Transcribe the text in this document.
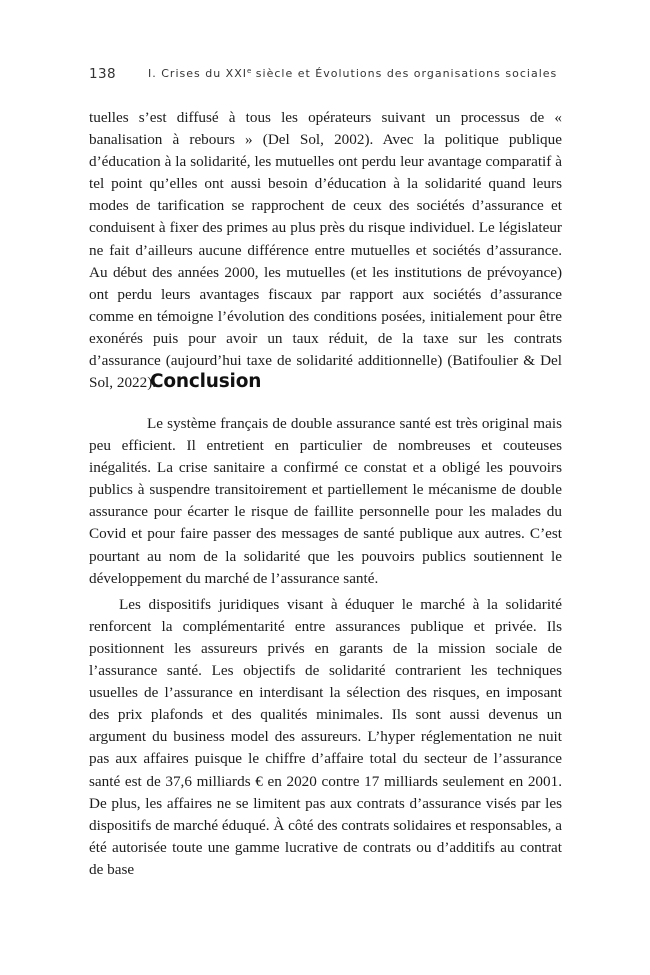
138	I. Crises du XXIe siècle et Évolutions des organisations sociales

tuelles s’est diffusé à tous les opérateurs suivant un processus de « banalisation à rebours » (Del Sol, 2002). Avec la politique publique d’éducation à la solidarité, les mutuelles ont perdu leur avantage comparatif à tel point qu’elles ont aussi besoin d’éducation à la solidarité quand leurs modes de tarification se rapprochent de ceux des sociétés d’assurance et conduisent à fixer des primes au plus près du risque individuel. Le législateur ne fait d’ailleurs aucune différence entre mutuelles et sociétés d’assurance. Au début des années 2000, les mutuelles (et les institutions de prévoyance) ont perdu leurs avantages fiscaux par rapport aux sociétés d’assurance comme en témoigne l’évolution des conditions posées, initialement pour être exonérés puis pour avoir un taux réduit, de la taxe sur les contrats d’assurance (aujourd’hui taxe de solidarité additionnelle) (Batifoulier & Del Sol, 2022).

Conclusion

Le système français de double assurance santé est très original mais peu efficient. Il entretient en particulier de nombreuses et couteuses inégalités. La crise sanitaire a confirmé ce constat et a obligé les pouvoirs publics à suspendre transitoirement et partiellement le mécanisme de double assurance pour écarter le risque de faillite personnelle pour les malades du Covid et pour faire passer des messages de santé publique aux autres. C’est pourtant au nom de la solidarité que les pouvoirs publics soutiennent le développement du marché de l’assurance santé.

Les dispositifs juridiques visant à éduquer le marché à la solidarité renforcent la complémentarité entre assurances publique et privée. Ils positionnent les assureurs privés en garants de la mission sociale de l’assurance santé. Les objectifs de solidarité contrarient les techniques usuelles de l’assurance en interdisant la sélection des risques, en imposant des prix plafonds et des qualités minimales. Ils sont aussi devenus un argument du business model des assureurs. L’hyper réglementation ne nuit pas aux affaires puisque le chiffre d’affaire total du secteur de l’assurance santé est de 37,6 milliards € en 2020 contre 17 milliards seulement en 2001. De plus, les affaires ne se limitent pas aux contrats d’assurance visés par les dispositifs de marché éduqué. À côté des contrats solidaires et responsables, a été autorisée toute une gamme lucrative de contrats ou d’additifs au contrat de base
